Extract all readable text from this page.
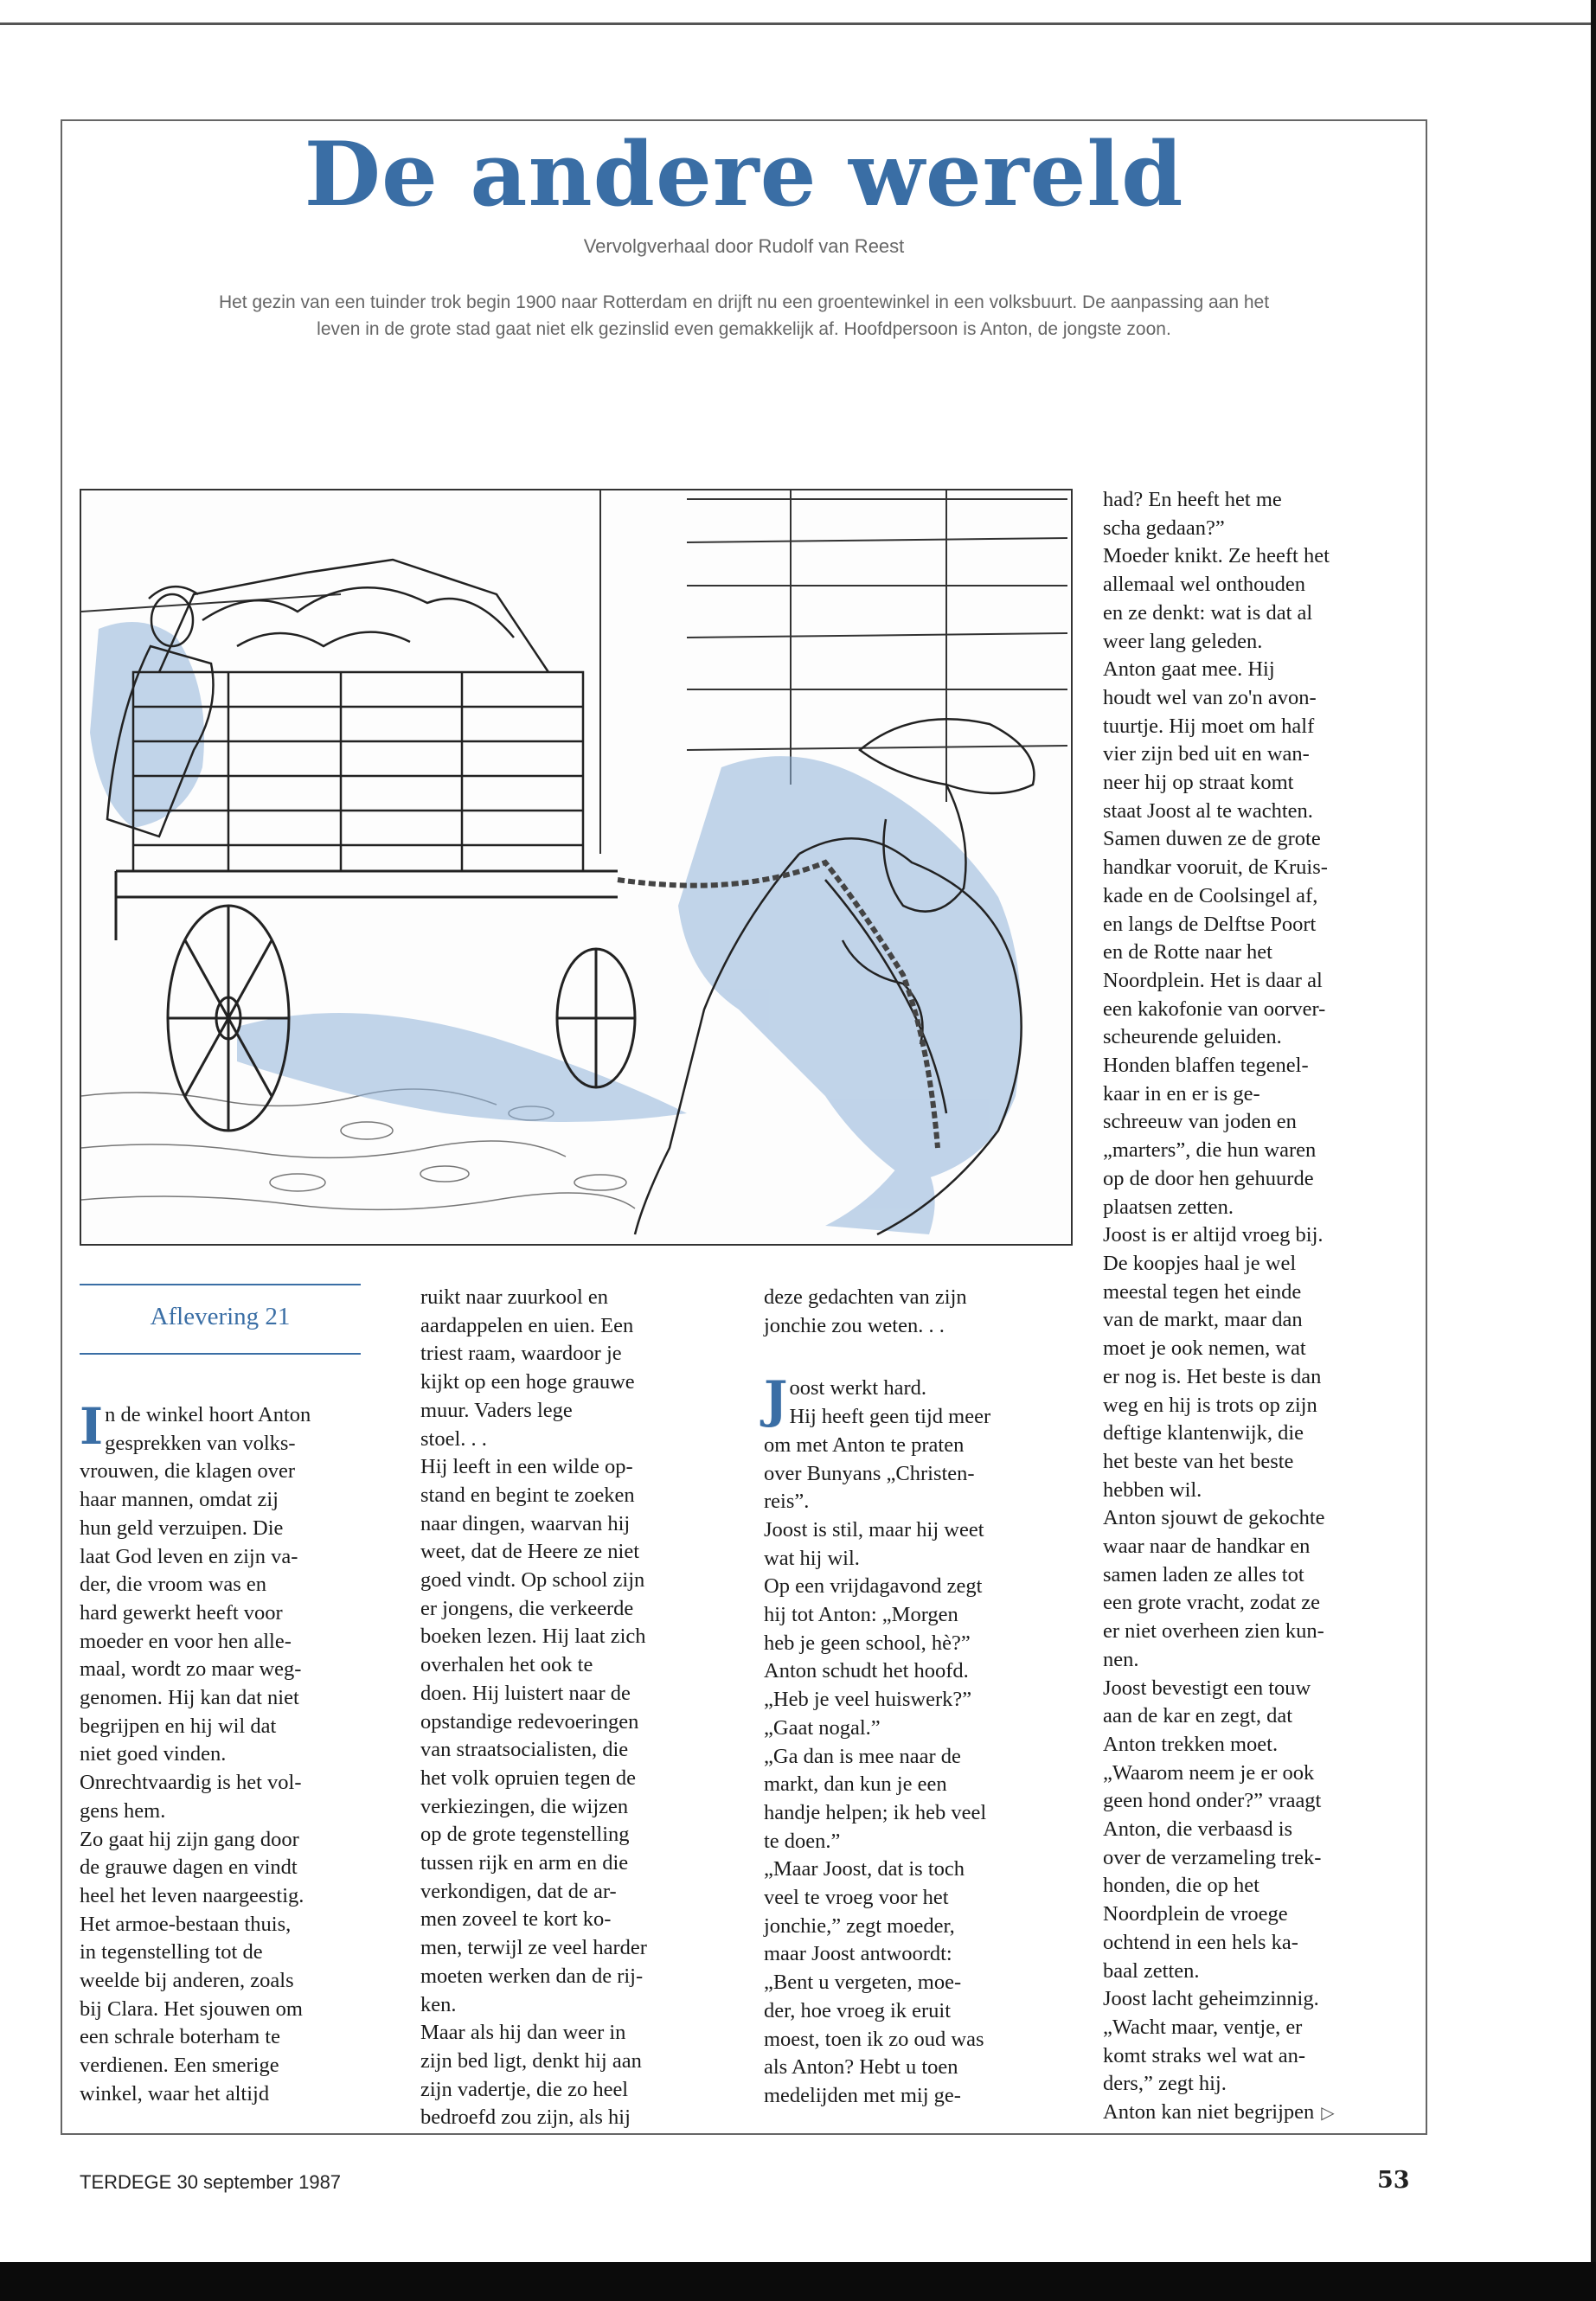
De andere wereld
Vervolgverhaal door Rudolf van Reest
Het gezin van een tuinder trok begin 1900 naar Rotterdam en drijft nu een groentewinkel in een volksbuurt. De aanpassing aan het leven in de grote stad gaat niet elk gezinslid even gemakkelijk af. Hoofdpersoon is Anton, de jongste zoon.
Aflevering 21
I n de winkel hoort Anton

gesprekken van volks-

vrouwen, die klagen over

haar mannen, omdat zij

hun geld verzuipen. Die

laat God leven en zijn va-

der, die vroom was en

hard gewerkt heeft voor

moeder en voor hen alle-

maal, wordt zo maar weg-

genomen. Hij kan dat niet

begrijpen en hij wil dat

niet goed vinden.

Onrechtvaardig is het vol-

gens hem.

Zo gaat hij zijn gang door

de grauwe dagen en vindt

heel het leven naargeestig.

Het armoe-bestaan thuis,

in tegenstelling tot de

weelde bij anderen, zoals

bij Clara. Het sjouwen om

een schrale boterham te

verdienen. Een smerige

winkel, waar het altijd

ruikt naar zuurkool en

aardappelen en uien. Een

triest raam, waardoor je

kijkt op een hoge grauwe

muur. Vaders lege

stoel. . .

Hij leeft in een wilde op-

stand en begint te zoeken

naar dingen, waarvan hij

weet, dat de Heere ze niet

goed vindt. Op school zijn

er jongens, die verkeerde

boeken lezen. Hij laat zich

overhalen het ook te

doen. Hij luistert naar de

opstandige redevoeringen

van straatsocialisten, die

het volk opruien tegen de

verkiezingen, die wijzen

op de grote tegenstelling

tussen rijk en arm en die

verkondigen, dat de ar-

men zoveel te kort ko-

men, terwijl ze veel harder

moeten werken dan de rij-

ken.

Maar als hij dan weer in

zijn bed ligt, denkt hij aan

zijn vadertje, die zo heel

bedroefd zou zijn, als hij

deze gedachten van zijn

jonchie zou weten. . .

J oost werkt hard.

Hij heeft geen tijd meer

om met Anton te praten

over Bunyans „Christen-

reis”.

Joost is stil, maar hij weet

wat hij wil.

Op een vrijdagavond zegt

hij tot Anton: „Morgen

heb je geen school, hè?”

Anton schudt het hoofd.

„Heb je veel huiswerk?”

„Gaat nogal.”

„Ga dan is mee naar de

markt, dan kun je een

handje helpen; ik heb veel

te doen.”

„Maar Joost, dat is toch

veel te vroeg voor het

jonchie,” zegt moeder,

maar Joost antwoordt:

„Bent u vergeten, moe-

der, hoe vroeg ik eruit

moest, toen ik zo oud was

als Anton? Hebt u toen

medelijden met mij ge-

had? En heeft het me

scha gedaan?”

Moeder knikt. Ze heeft het

allemaal wel onthouden

en ze denkt: wat is dat al

weer lang geleden.

Anton gaat mee. Hij

houdt wel van zo'n avon-

tuurtje. Hij moet om half

vier zijn bed uit en wan-

neer hij op straat komt

staat Joost al te wachten.

Samen duwen ze de grote

handkar vooruit, de Kruis-

kade en de Coolsingel af,

en langs de Delftse Poort

en de Rotte naar het

Noordplein. Het is daar al

een kakofonie van oorver-

scheurende geluiden.

Honden blaffen tegenel-

kaar in en er is ge-

schreeuw van joden en

„marters”, die hun waren

op de door hen gehuurde

plaatsen zetten.

Joost is er altijd vroeg bij.

De koopjes haal je wel

meestal tegen het einde

van de markt, maar dan

moet je ook nemen, wat

er nog is. Het beste is dan

weg en hij is trots op zijn

deftige klantenwijk, die

het beste van het beste

hebben wil.

Anton sjouwt de gekochte

waar naar de handkar en

samen laden ze alles tot

een grote vracht, zodat ze

er niet overheen zien kun-

nen.

Joost bevestigt een touw

aan de kar en zegt, dat

Anton trekken moet.

„Waarom neem je er ook

geen hond onder?” vraagt

Anton, die verbaasd is

over de verzameling trek-

honden, die op het

Noordplein de vroege

ochtend in een hels ka-

baal zetten.

Joost lacht geheimzinnig.

„Wacht maar, ventje, er

komt straks wel wat an-

ders,” zegt hij.

Anton kan niet begrijpen ▷

TERDEGE 30 september 1987	53
